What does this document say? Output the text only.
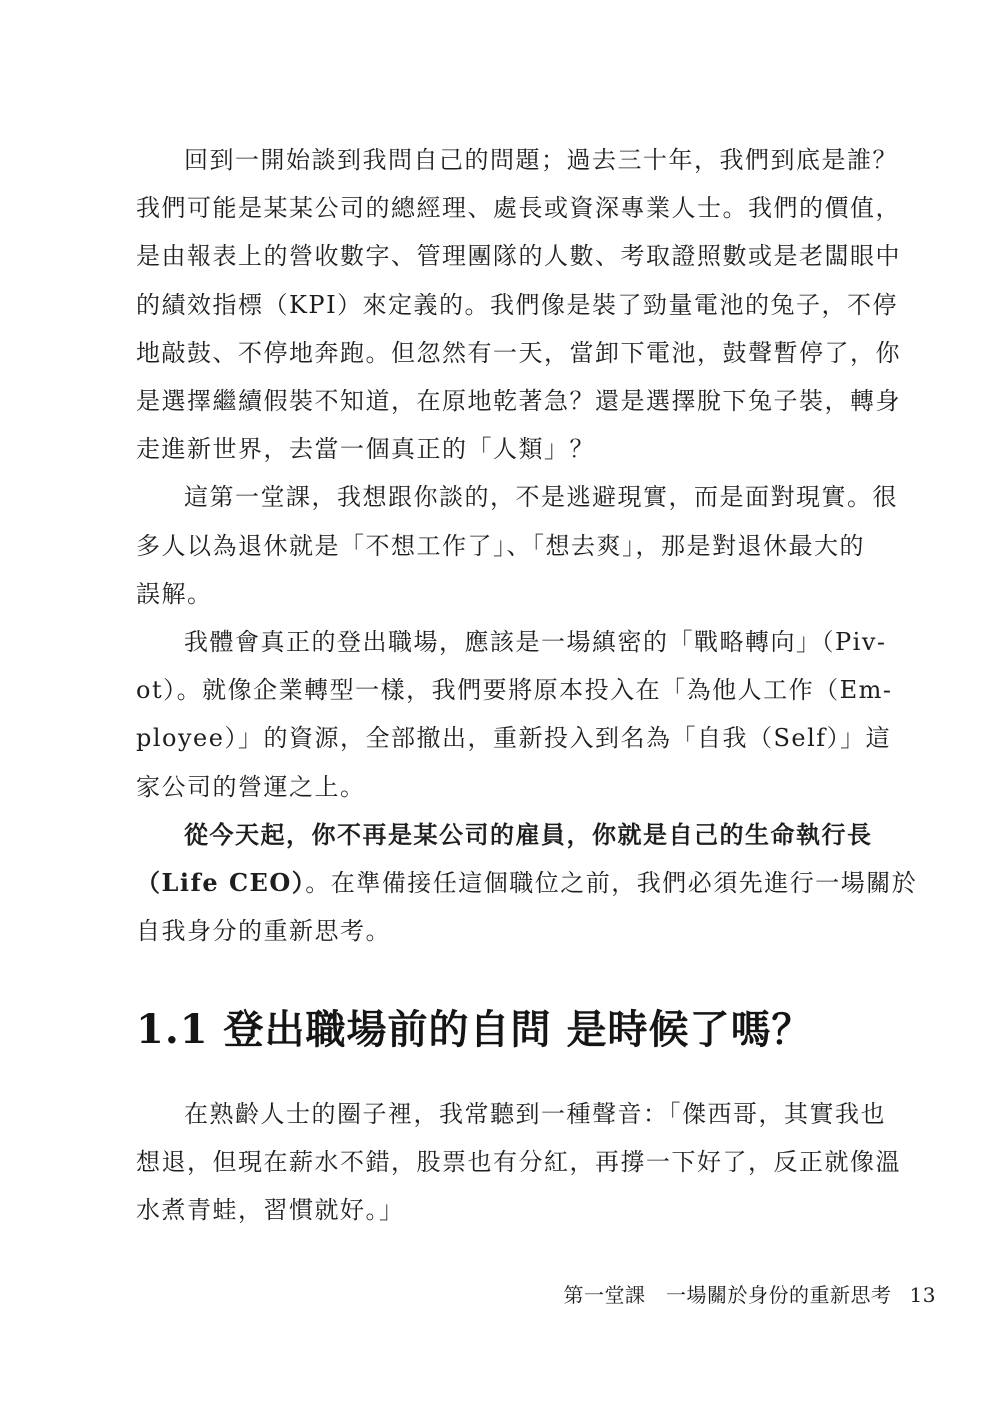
回到一開始談到我問自己的問題；過去三十年，我們到底是誰？
我們可能是某某公司的總經理、處長或資深專業人士。我們的價值，
是由報表上的營收數字、管理團隊的人數、考取證照數或是老闆眼中
的績效指標（KPI）來定義的。我們像是裝了勁量電池的兔子，不停
地敲鼓、不停地奔跑。但忽然有一天，當卸下電池，鼓聲暫停了，你
是選擇繼續假裝不知道，在原地乾著急？還是選擇脫下兔子裝，轉身
走進新世界，去當一個真正的「人類」？

這第一堂課，我想跟你談的，不是逃避現實，而是面對現實。很
多人以為退休就是「不想工作了」、「想去爽」，那是對退休最大的
誤解。

我體會真正的登出職場，應該是一場縝密的「戰略轉向」（Piv-
ot）。就像企業轉型一樣，我們要將原本投入在「為他人工作（Em-
ployee）」的資源，全部撤出，重新投入到名為「自我（Self）」這
家公司的營運之上。

從今天起，你不再是某公司的雇員，你就是自己的生命執行長
（Life CEO）。在準備接任這個職位之前，我們必須先進行一場關於
自我身分的重新思考。

1.1 登出職場前的自問 是時候了嗎？

在熟齡人士的圈子裡，我常聽到一種聲音：「傑西哥，其實我也
想退，但現在薪水不錯，股票也有分紅，再撐一下好了，反正就像溫
水煮青蛙，習慣就好。」

第一堂課　一場關於身份的重新思考 13
